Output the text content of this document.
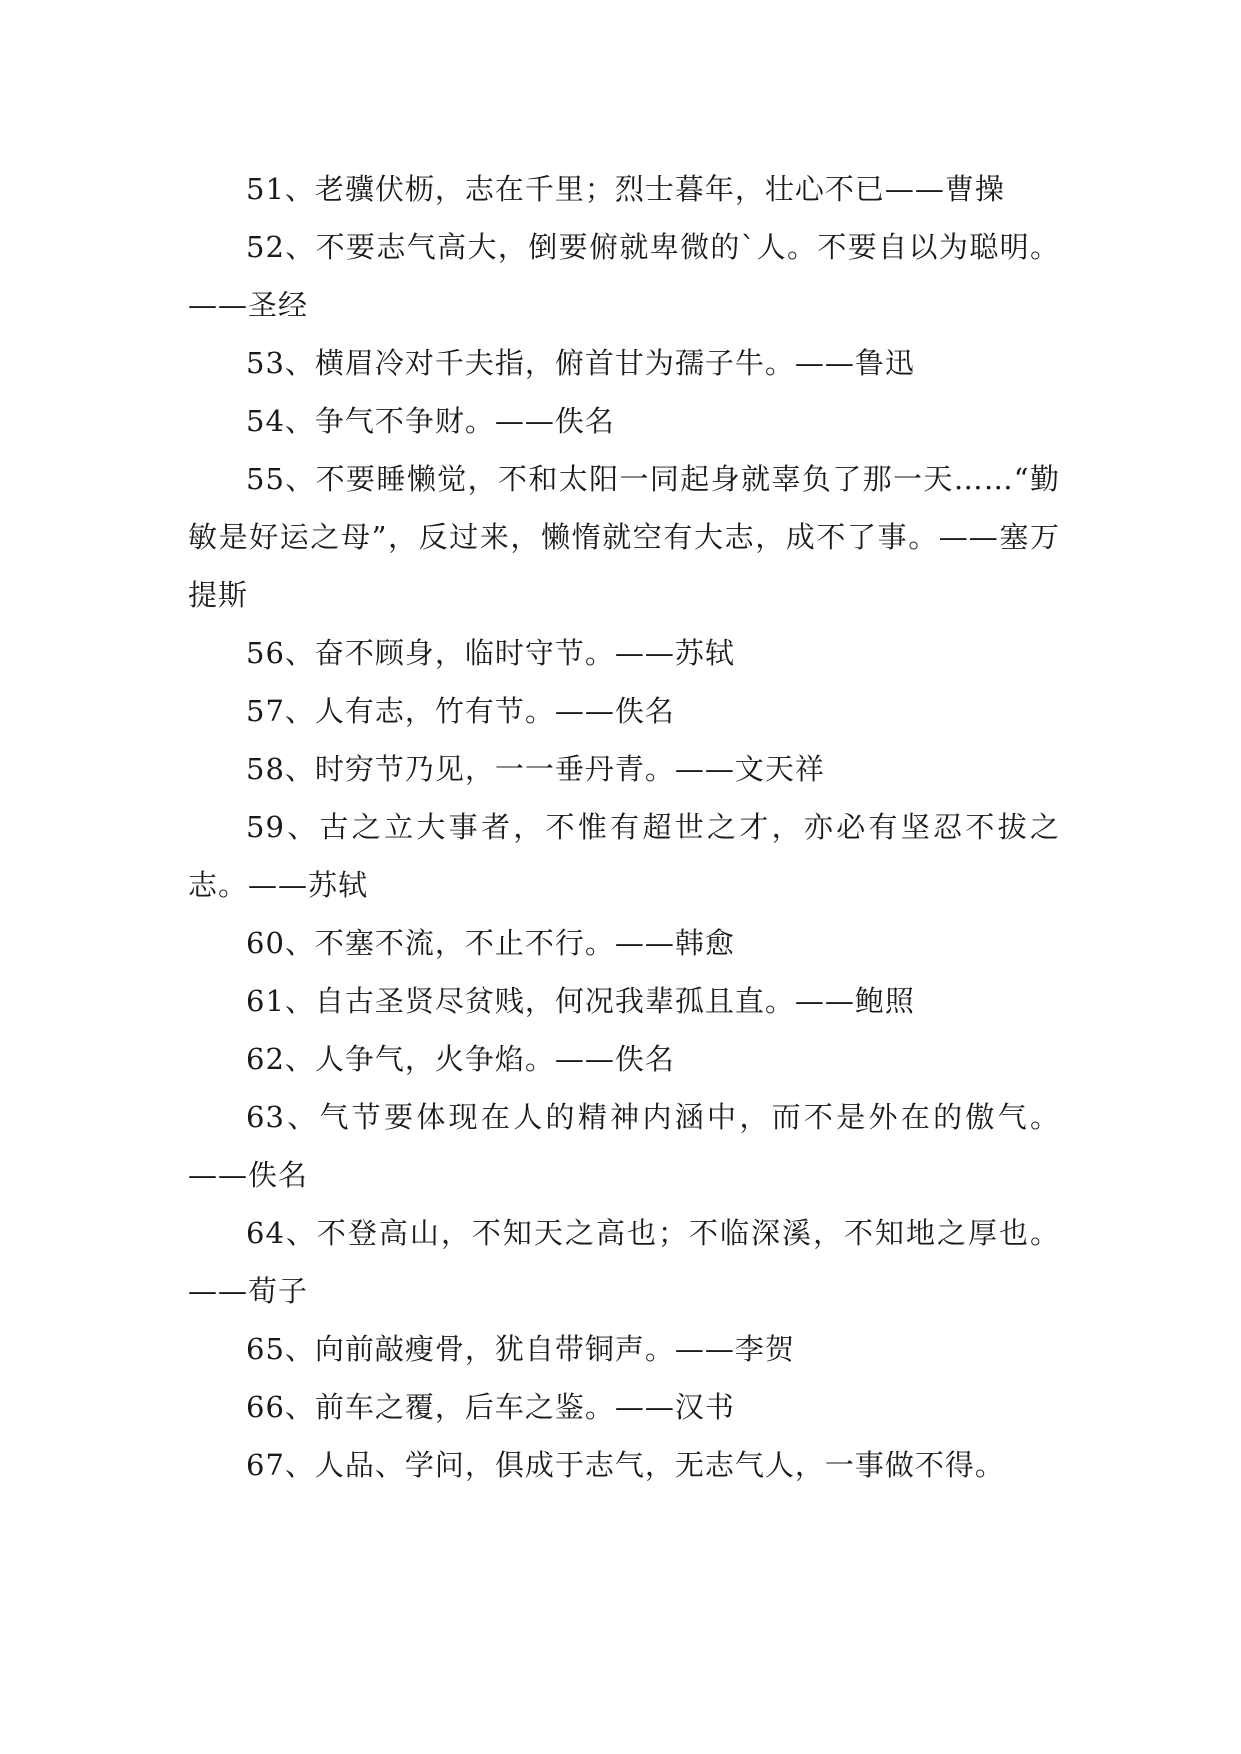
51、老骥伏枥，志在千里；烈士暮年，壮心不已——曹操

52、不要志气高大，倒要俯就卑微的`人。不要自以为聪明。——圣经

53、横眉冷对千夫指，俯首甘为孺子牛。——鲁迅

54、争气不争财。——佚名

55、不要睡懒觉，不和太阳一同起身就辜负了那一天……“勤敏是好运之母”，反过来，懒惰就空有大志，成不了事。——塞万提斯

56、奋不顾身，临时守节。——苏轼

57、人有志，竹有节。——佚名

58、时穷节乃见，一一垂丹青。——文天祥

59、古之立大事者，不惟有超世之才，亦必有坚忍不拔之志。——苏轼

60、不塞不流，不止不行。——韩愈

61、自古圣贤尽贫贱，何况我辈孤且直。——鲍照

62、人争气，火争焰。——佚名

63、气节要体现在人的精神内涵中，而不是外在的傲气。——佚名

64、不登高山，不知天之高也；不临深溪，不知地之厚也。——荀子

65、向前敲瘦骨，犹自带铜声。——李贺

66、前车之覆，后车之鉴。——汉书

67、人品、学问，俱成于志气，无志气人，一事做不得。
